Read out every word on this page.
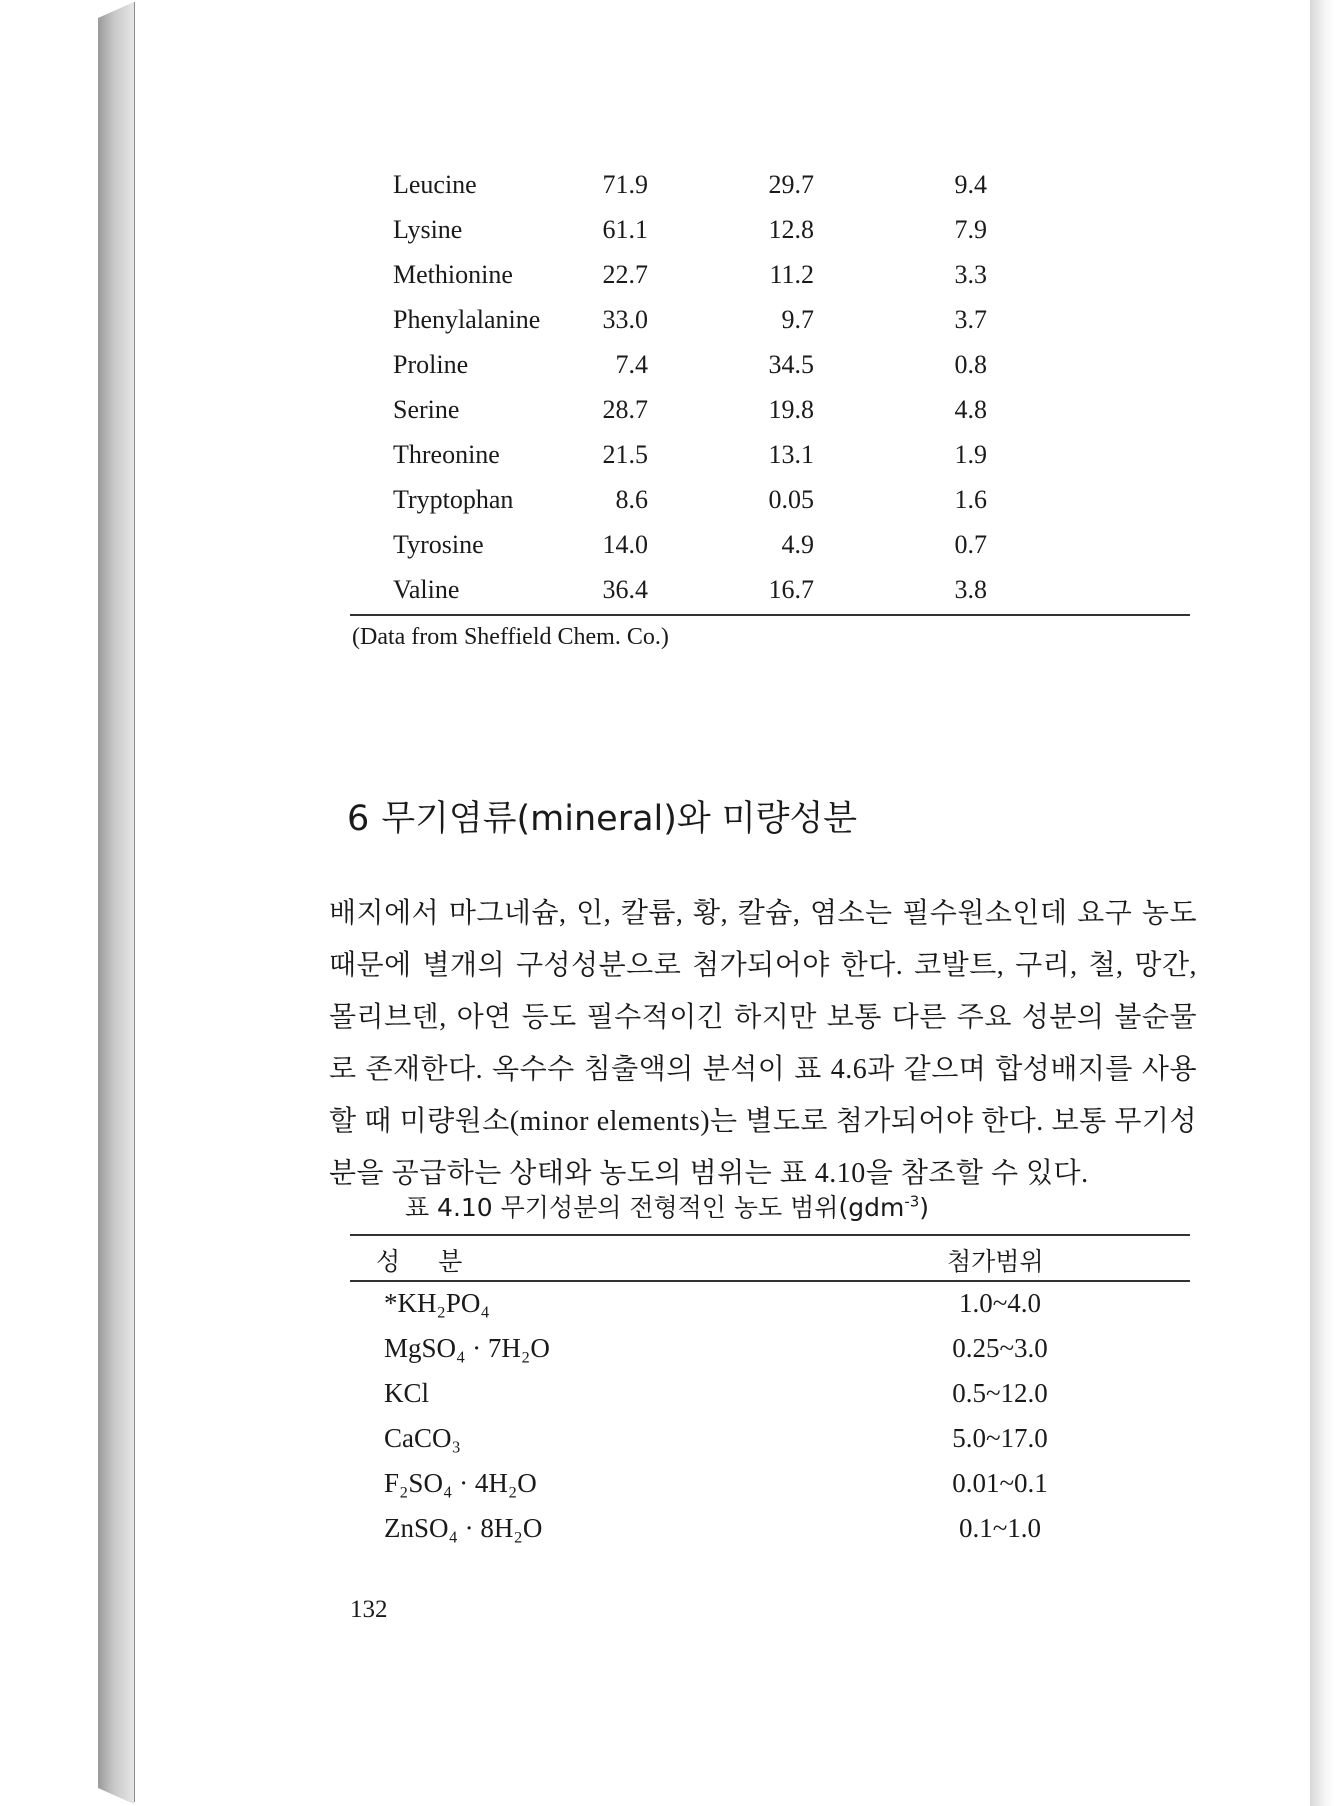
Leucine	71.9	29.7	9.4
Lysine	61.1	12.8	7.9
Methionine	22.7	11.2	3.3
Phenylalanine 33.0	9.7	3.7
Proline	7.4	34.5	0.8
Serine	28.7	19.8	4.8
Threonine	21.5	13.1	1.9
Tryptophan	8.6	0.05	1.6
Tyrosine	14.0	4.9	0.7
Valine	36.4	16.7	3.8
(Data from Sheffield Chem. Co.)
6 무기염류(mineral)와 미량성분

배지에서 마그네슘, 인, 칼륨, 황, 칼슘, 염소는 필수원소인데 요구 농도 때문에 별개의 구성성분으로 첨가되어야 한다. 코발트, 구리, 철, 망간, 몰리브덴, 아연 등도 필수적이긴 하지만 보통 다른 주요 성분의 불순물로 존재한다. 옥수수 침출액의 분석이 표 4.6과 같으며 합성배지를 사용할 때 미량원소(minor elements)는 별도로 첨가되어야 한다. 보통 무기성분을 공급하는 상태와 농도의 범위는 표 4.10을 참조할 수 있다.

표 4.10 무기성분의 전형적인 농도 범위(gdm$^{-3}$)
성분	첨가범위
*KH₂PO₄	1.0~4.0
MgSO₄ · 7H₂O	0.25~3.0
KCl	0.5~12.0
CaCO₃	5.0~17.0
F₂SO₄ · 4H₂O	0.01~0.1
ZnSO₄ · 8H₂O	0.1~1.0
132
